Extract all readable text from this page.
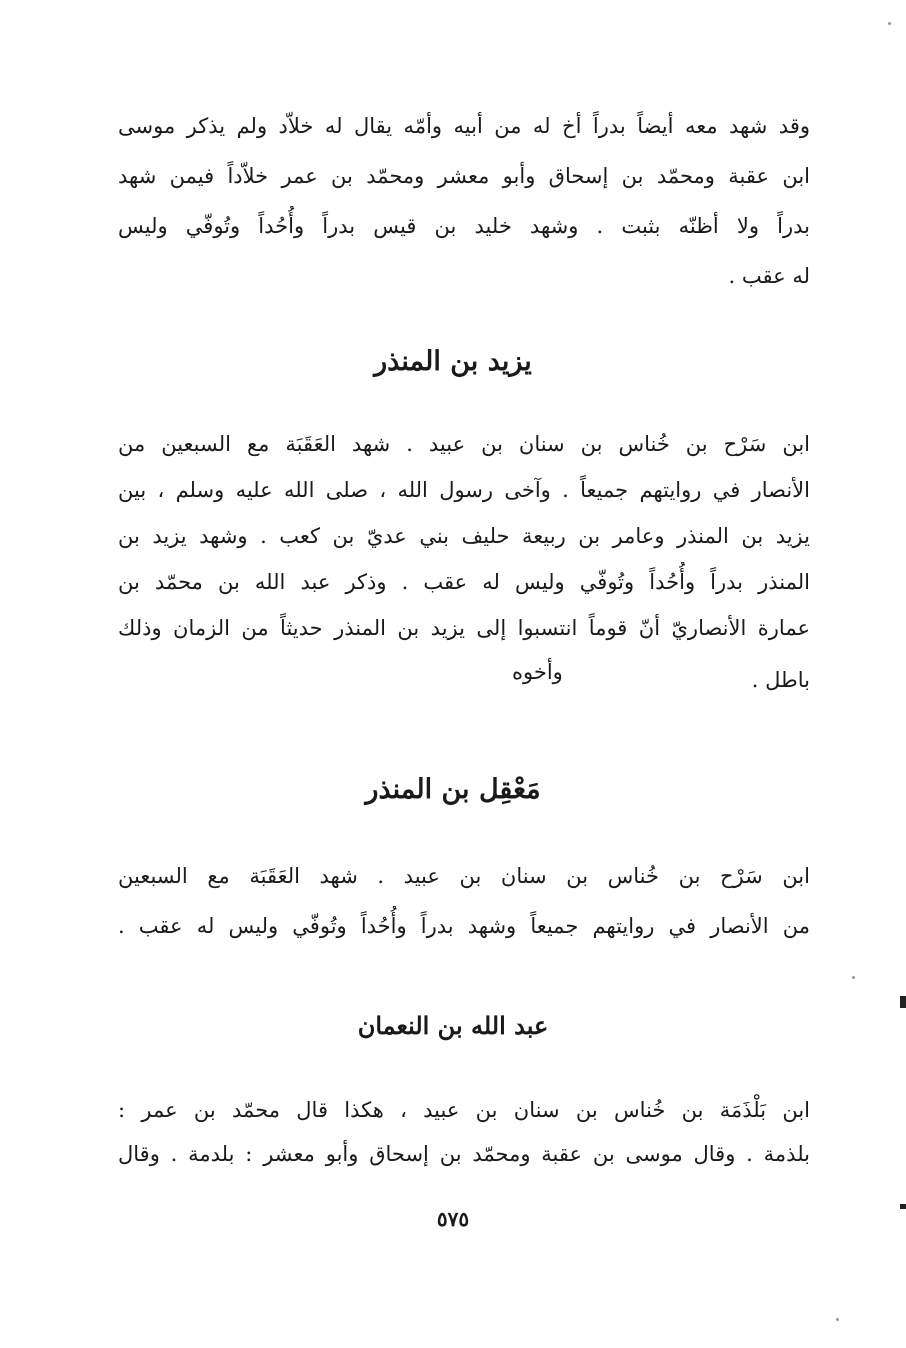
وقد شهد معه أيضاً بدراً أخ له من أبيه وأمّه يقال له خلاّد ولم يذكر موسى
ابن عقبة ومحمّد بن إسحاق وأبو معشر ومحمّد بن عمر خلاّداً فيمن شهد
بدراً ولا أظنّه بثبت . وشهد خليد بن قيس بدراً وأُحُداً وتُوفّي وليس
له عقب .
يزيد بن المنذر
ابن سَرْح بن خُناس بن سنان بن عبيد . شهد العَقَبَة مع السبعين من
الأنصار في روايتهم جميعاً . وآخى رسول الله ، صلى الله عليه وسلم ، بين
يزيد بن المنذر وعامر بن ربيعة حليف بني عديّ بن كعب . وشهد يزيد بن
المنذر بدراً وأُحُداً وتُوفّي وليس له عقب . وذكر عبد الله بن محمّد بن
عمارة الأنصاريّ أنّ قوماً انتسبوا إلى يزيد بن المنذر حديثاً من الزمان وذلك
باطل .
وأخوه
مَعْقِل بن المنذر
ابن سَرْح بن خُناس بن سنان بن عبيد . شهد العَقَبَة مع السبعين
من الأنصار في روايتهم جميعاً وشهد بدراً وأُحُداً وتُوفّي وليس له عقب .
عبد الله بن النعمان
ابن بَلْذَمَة بن خُناس بن سنان بن عبيد ، هكذا قال محمّد بن عمر :
بلذمة . وقال موسى بن عقبة ومحمّد بن إسحاق وأبو معشر : بلدمة . وقال
٥٧٥
